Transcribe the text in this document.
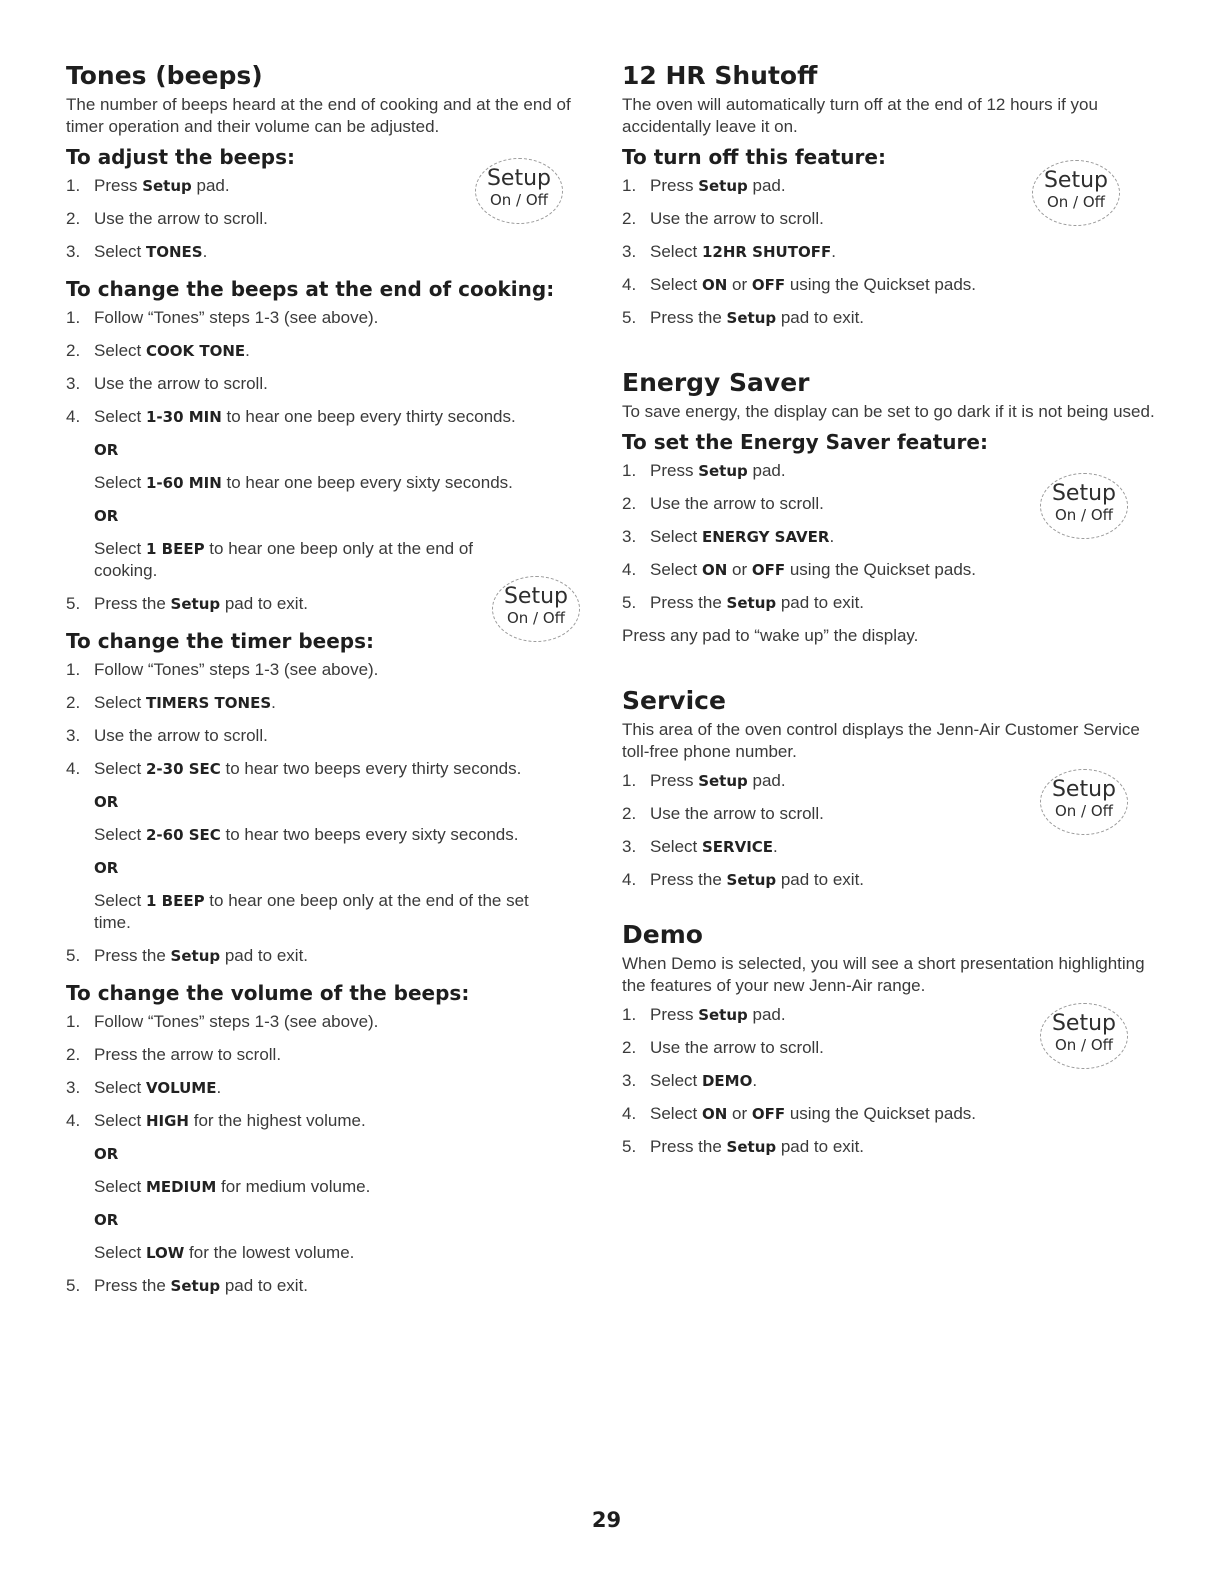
Tones (beeps)

The number of beeps heard at the end of cooking and at the end of timer operation and their volume can be adjusted.

To adjust the beeps:
1. Press Setup pad.
2. Use the arrow to scroll.
3. Select TONES.
Setup
On / Off
To change the beeps at the end of cooking:
1. Follow “Tones” steps 1-3 (see above).
2. Select COOK TONE.
3. Use the arrow to scroll.
4. Select 1-30 MIN to hear one beep every thirty seconds.
OR
Select 1-60 MIN to hear one beep every sixty seconds.
OR
Select 1 BEEP to hear one beep only at the end of cooking.
5. Press the Setup pad to exit.	Setup
On / Off
To change the timer beeps:
1. Follow “Tones” steps 1-3 (see above).
2. Select TIMERS TONES.
3. Use the arrow to scroll.
4. Select 2-30 SEC to hear two beeps every thirty seconds.
OR
Select 2-60 SEC to hear two beeps every sixty seconds.
OR
Select 1 BEEP to hear one beep only at the end of the set time.
5. Press the Setup pad to exit.
To change the volume of the beeps:
1. Follow “Tones” steps 1-3 (see above).
2. Press the arrow to scroll.
3. Select VOLUME.
4. Select HIGH for the highest volume.
OR
Select MEDIUM for medium volume.
OR
Select LOW for the lowest volume.
5. Press the Setup pad to exit.
12 HR Shutoff

The oven will automatically turn off at the end of 12 hours if you accidentally leave it on.

To turn off this feature:
1. Press Setup pad.
2. Use the arrow to scroll.
3. Select 12HR SHUTOFF.
4. Select ON or OFF using the Quickset pads.
5. Press the Setup pad to exit.
Setup
On / Off
Energy Saver

To save energy, the display can be set to go dark if it is not being used.

To set the Energy Saver feature:
1. Press Setup pad.
2. Use the arrow to scroll.
3. Select ENERGY SAVER.
4. Select ON or OFF using the Quickset pads.
5. Press the Setup pad to exit.

Press any pad to “wake up” the display.

Setup
On / Off
Service

This area of the oven control displays the Jenn-Air Customer Service toll-free phone number.

1. Press Setup pad.
2. Use the arrow to scroll.
3. Select SERVICE.
4. Press the Setup pad to exit.
Setup
On / Off
Demo

When Demo is selected, you will see a short presentation highlighting the features of your new Jenn-Air range.

1. Press Setup pad.
2. Use the arrow to scroll.
3. Select DEMO.
4. Select ON or OFF using the Quickset pads.
5. Press the Setup pad to exit.
Setup
On / Off
29
